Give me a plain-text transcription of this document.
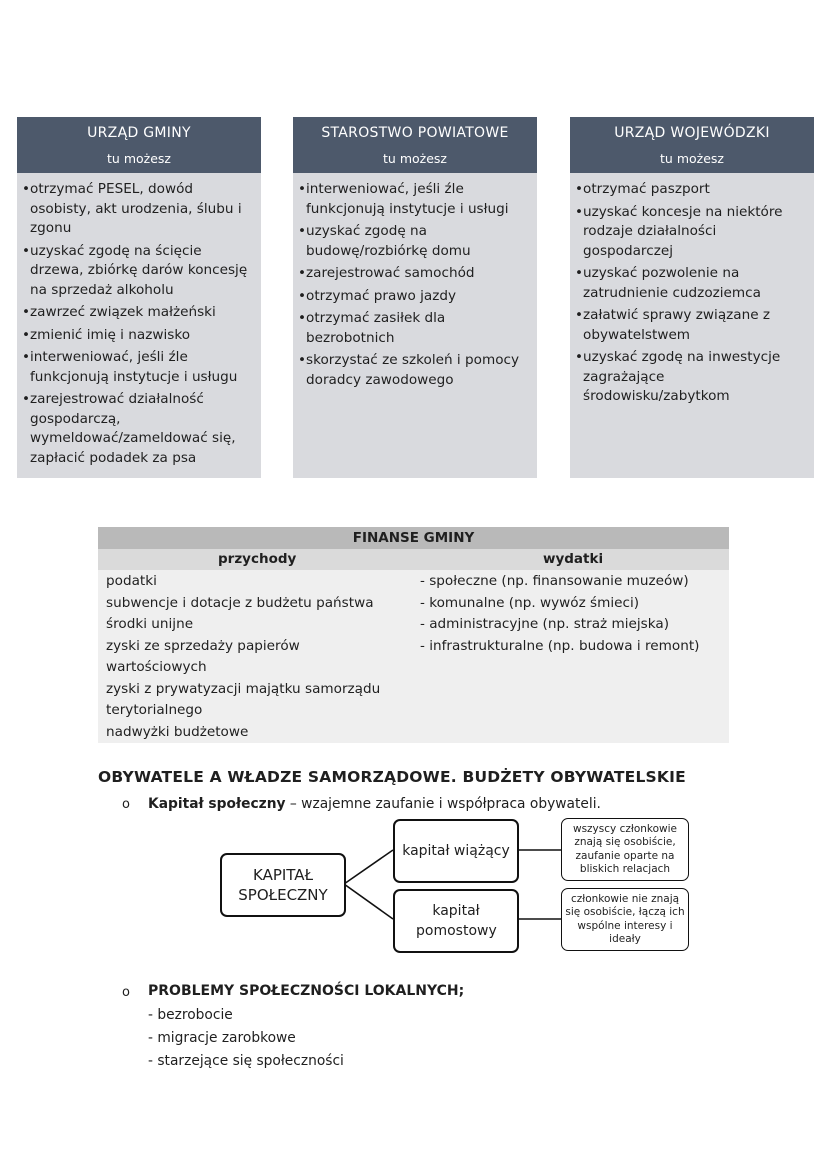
URZĄD GMINY
tu możesz
• otrzymać PESEL, dowód osobisty, akt urodzenia, ślubu i zgonu
• uzyskać zgodę na ścięcie drzewa, zbiórkę darów koncesję na sprzedaż alkoholu
• zawrzeć związek małżeński
• zmienić imię i nazwisko
• interweniować, jeśli źle funkcjonują instytucje i usługu
• zarejestrować działalność gospodarczą, wymeldować/zameldować się, zapłacić podadek za psa
STAROSTWO POWIATOWE
tu możesz
• interweniować, jeśli źle funkcjonują instytucje i usługi
• uzyskać zgodę na budowę/rozbiórkę domu
• zarejestrować samochód
• otrzymać prawo jazdy
• otrzymać zasiłek dla bezrobotnich
• skorzystać ze szkoleń i pomocy doradcy zawodowego
URZĄD WOJEWÓDZKI
tu możesz
• otrzymać paszport
• uzyskać koncesje na niektóre rodzaje działalności gospodarczej
• uzyskać pozwolenie na zatrudnienie cudzoziemca
• załatwić sprawy związane z obywatelstwem
• uzyskać zgodę na inwestycje zagrażające środowisku/zabytkom
FINANSE GMINY
przychody	wydatki
podatki
subwencje i dotacje z budżetu państwa
środki unijne
zyski ze sprzedaży papierów wartościowych
zyski z prywatyzacji majątku samorządu terytorialnego
nadwyżki budżetowe
- społeczne (np. finansowanie muzeów)
- komunalne (np. wywóz śmieci)
- administracyjne (np. straż miejska)
- infrastrukturalne (np. budowa i remont)
OBYWATELE A WŁADZE SAMORZĄDOWE. BUDŻETY OBYWATELSKIE
o Kapitał społeczny – wzajemne zaufanie i współpraca obywateli.
KAPITAŁ SPOŁECZNY
kapitał wiążący
kapitał pomostowy
wszyscy członkowie znają się osobiście, zaufanie oparte na bliskich relacjach
członkowie nie znają się osobiście, łączą ich wspólne interesy i ideały
o PROBLEMY SPOŁECZNOŚCI LOKALNYCH;
- bezrobocie
- migracje zarobkowe
- starzejące się społeczności
